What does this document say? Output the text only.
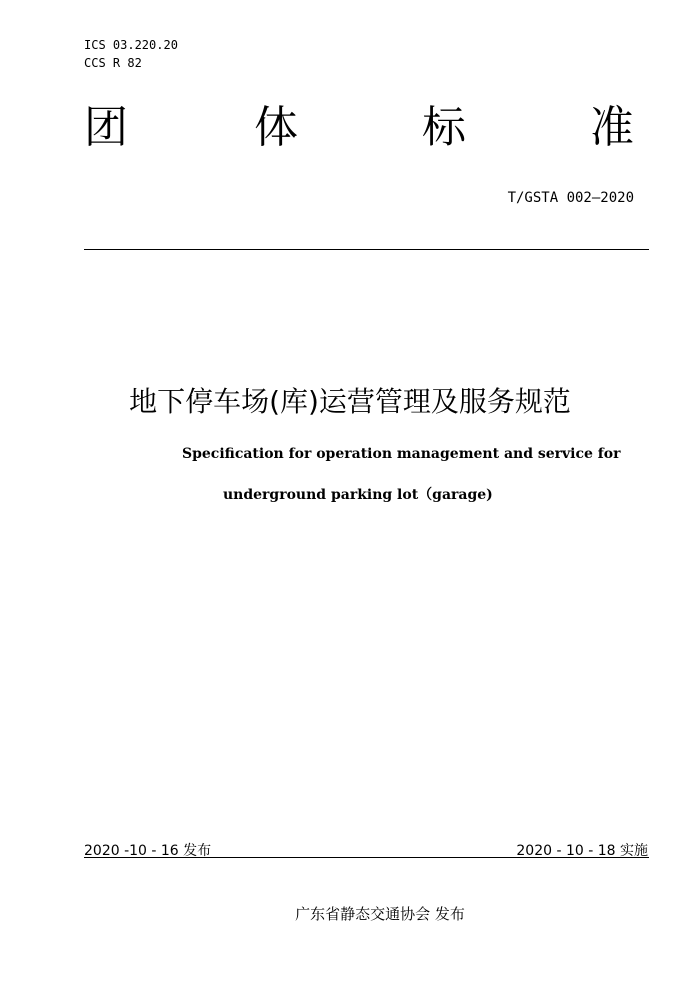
ICS 03.220.20
CCS R 82
团	体	标	准
T/GSTA 002—2020
地下停车场(库)运营管理及服务规范
Specification for operation management and service for
underground parking lot（garage)
2020 -10 - 16 发布	2020 - 10 - 18 实施
广东省静态交通协会 发布
